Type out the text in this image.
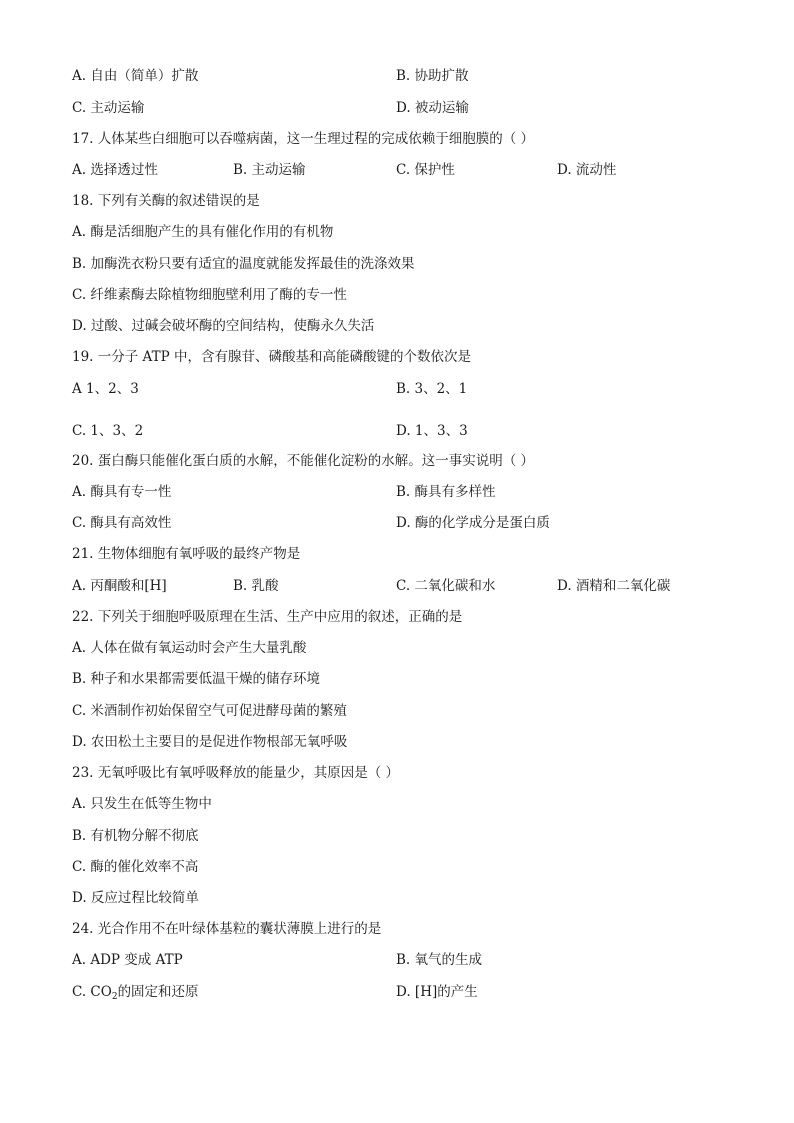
A. 自由（简单）扩散	B. 协助扩散
C. 主动运输	D. 被动运输
17. 人体某些白细胞可以吞噬病菌，这一生理过程的完成依赖于细胞膜的（ ）
A. 选择透过性	B. 主动运输	C. 保护性	D. 流动性
18. 下列有关酶的叙述错误的是
A. 酶是活细胞产生的具有催化作用的有机物
B. 加酶洗衣粉只要有适宜的温度就能发挥最佳的洗涤效果
C. 纤维素酶去除植物细胞壁利用了酶的专一性
D. 过酸、过碱会破坏酶的空间结构，使酶永久失活
19. 一分子 ATP 中，含有腺苷、磷酸基和高能磷酸键的个数依次是
A 1、2、3	B. 3、2、1
C. 1、3、2	D. 1、3、3
20. 蛋白酶只能催化蛋白质的水解，不能催化淀粉的水解。这一事实说明（ ）
A. 酶具有专一性	B. 酶具有多样性
C. 酶具有高效性	D. 酶的化学成分是蛋白质
21. 生物体细胞有氧呼吸的最终产物是
A. 丙酮酸和[H]	B. 乳酸	C. 二氧化碳和水	D. 酒精和二氧化碳
22. 下列关于细胞呼吸原理在生活、生产中应用的叙述，正确的是
A. 人体在做有氧运动时会产生大量乳酸
B. 种子和水果都需要低温干燥的储存环境
C. 米酒制作初始保留空气可促进酵母菌的繁殖
D. 农田松土主要目的是促进作物根部无氧呼吸
23. 无氧呼吸比有氧呼吸释放的能量少，其原因是（ ）
A. 只发生在低等生物中
B. 有机物分解不彻底
C. 酶的催化效率不高
D. 反应过程比较简单
24. 光合作用不在叶绿体基粒的囊状薄膜上进行的是
A. ADP 变成 ATP	B. 氧气的生成
C. $CO_2$的固定和还原	D. [H]的产生
